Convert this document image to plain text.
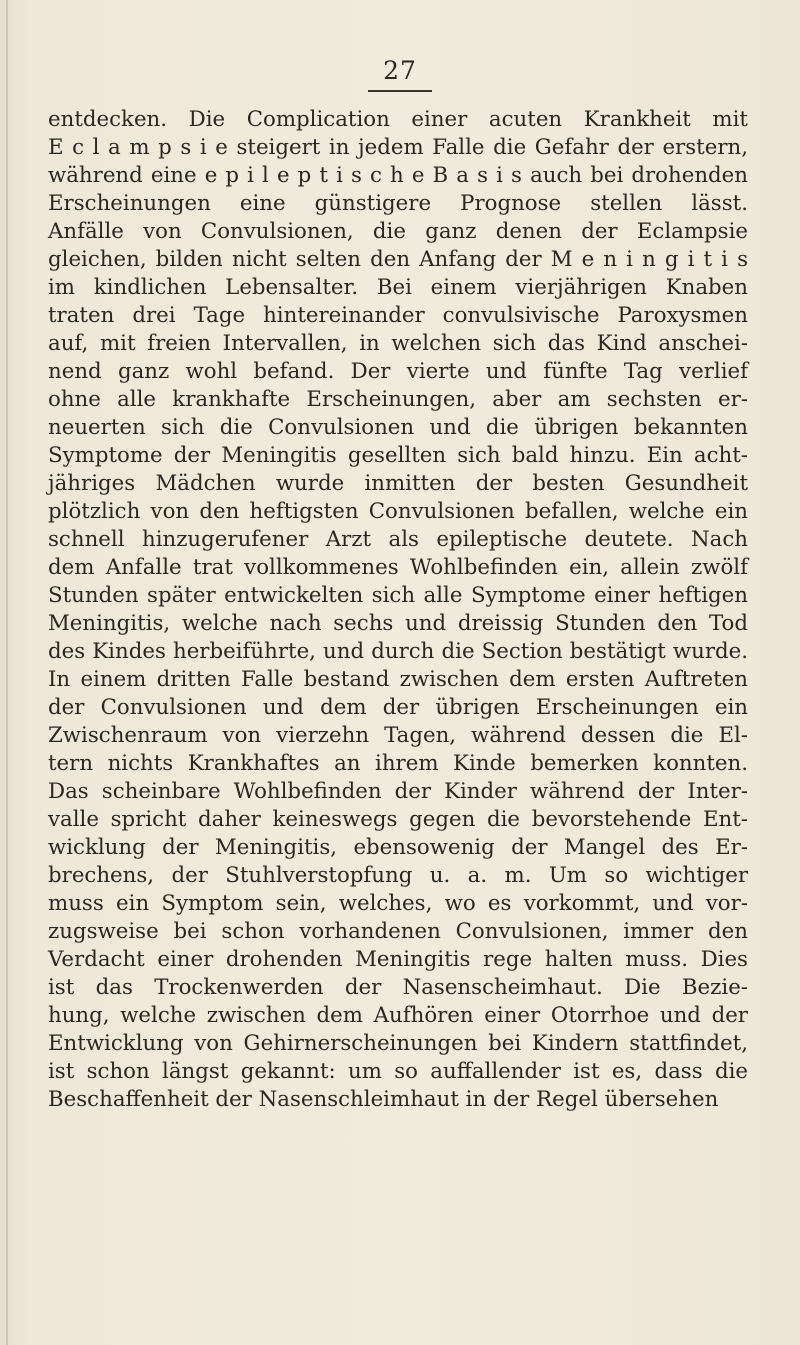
27
entdecken. Die Complication einer acuten Krankheit mit
E c l a m p s i e steigert in jedem Falle die Gefahr der erstern,
während eine e p i l e p t i s c h e B a s i s auch bei drohenden
Erscheinungen eine günstigere Prognose stellen lässt.
Anfälle von Convulsionen, die ganz denen der Eclampsie
gleichen, bilden nicht selten den Anfang der M e n i n g i t i s
im kindlichen Lebensalter. Bei einem vierjährigen Knaben
traten drei Tage hintereinander convulsivische Paroxysmen
auf, mit freien Intervallen, in welchen sich das Kind anschei-
nend ganz wohl befand. Der vierte und fünfte Tag verlief
ohne alle krankhafte Erscheinungen, aber am sechsten er-
neuerten sich die Convulsionen und die übrigen bekannten
Symptome der Meningitis gesellten sich bald hinzu. Ein acht-
jähriges Mädchen wurde inmitten der besten Gesundheit
plötzlich von den heftigsten Convulsionen befallen, welche ein
schnell hinzugerufener Arzt als epileptische deutete. Nach
dem Anfalle trat vollkommenes Wohlbefinden ein, allein zwölf
Stunden später entwickelten sich alle Symptome einer heftigen
Meningitis, welche nach sechs und dreissig Stunden den Tod
des Kindes herbeiführte, und durch die Section bestätigt wurde.
In einem dritten Falle bestand zwischen dem ersten Auftreten
der Convulsionen und dem der übrigen Erscheinungen ein
Zwischenraum von vierzehn Tagen, während dessen die El-
tern nichts Krankhaftes an ihrem Kinde bemerken konnten.
Das scheinbare Wohlbefinden der Kinder während der Inter-
valle spricht daher keineswegs gegen die bevorstehende Ent-
wicklung der Meningitis, ebensowenig der Mangel des Er-
brechens, der Stuhlverstopfung u. a. m. Um so wichtiger
muss ein Symptom sein, welches, wo es vorkommt, und vor-
zugsweise bei schon vorhandenen Convulsionen, immer den
Verdacht einer drohenden Meningitis rege halten muss. Dies
ist das Trockenwerden der Nasenscheimhaut. Die Bezie-
hung, welche zwischen dem Aufhören einer Otorrhoe und der
Entwicklung von Gehirnerscheinungen bei Kindern stattfindet,
ist schon längst gekannt: um so auffallender ist es, dass die
Beschaffenheit der Nasenschleimhaut in der Regel übersehen
